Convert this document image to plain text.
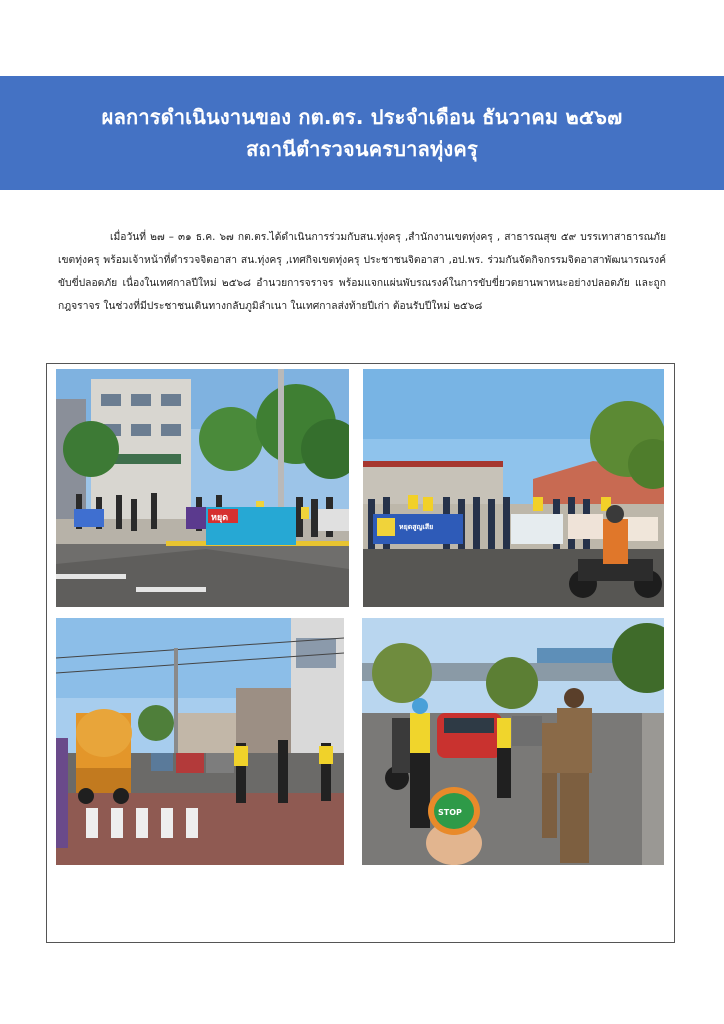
ผลการดำเนินงานของ กต.ตร. ประจำเดือน ธันวาคม ๒๕๖๗
สถานีตำรวจนครบาลทุ่งครุ
เมื่อวันที่ ๒๗ – ๓๑ ธ.ค. ๖๗ กต.ตร.ได้ดำเนินการร่วมกับสน.ทุ่งครุ ,สำนักงานเขตทุ่งครุ , สาธารณสุข ๕๙ บรรเทาสาธารณภัยเขตทุ่งครุ พร้อมเจ้าหน้าที่ตำรวจจิตอาสา สน.ทุ่งครุ ,เทศกิจเขตทุ่งครุ ประชาชนจิตอาสา ,อป.พร. ร่วมกันจัดกิจกรรมจิตอาสาพัฒนารณรงค์ขับขี่ปลอดภัย เนื่องในเทศกาลปีใหม่ ๒๕๖๘ อำนวยการจราจร พร้อมแจกแผ่นพับรณรงค์ในการขับขี่ยวดยานพาหนะอย่างปลอดภัย และถูกกฎจราจร ในช่วงที่มีประชาชนเดินทางกลับภูมิลำเนา ในเทศกาลส่งท้ายปีเก่า ต้อนรับปีใหม่ ๒๕๖๘
หยุด
หยุดสูญเสีย
STOP
